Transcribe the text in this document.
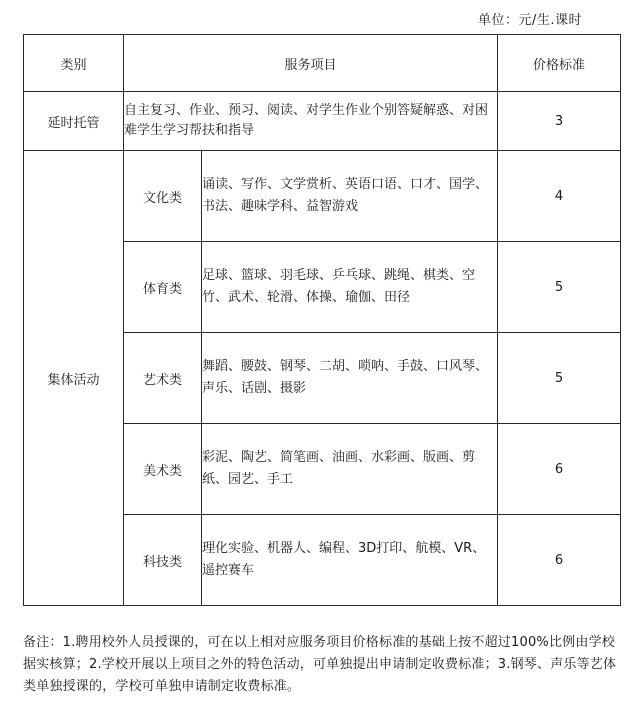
单位：元/生.课时
类别	服务项目		价格标准
延时托管	自主复习、作业、预习、阅读、对学生作业个别答疑解惑、对困难学生学习帮扶和指导		3
集体活动	文化类	诵读、写作、文学赏析、英语口语、口才、国学、书法、趣味学科、益智游戏	4
	体育类	足球、篮球、羽毛球、乒乓球、跳绳、棋类、空竹、武术、轮滑、体操、瑜伽、田径	5
	艺术类	舞蹈、腰鼓、钢琴、二胡、唢呐、手鼓、口风琴、声乐、话剧、摄影	5
	美术类	彩泥、陶艺、简笔画、油画、水彩画、版画、剪纸、园艺、手工	6
	科技类	理化实验、机器人、编程、3D打印、航模、VR、遥控赛车	6
备注：1.聘用校外人员授课的，可在以上相对应服务项目价格标准的基础上按不超过100%比例由学校据实核算；2.学校开展以上项目之外的特色活动，可单独提出申请制定收费标准；3.钢琴、声乐等艺体类单独授课的，学校可单独申请制定收费标准。
